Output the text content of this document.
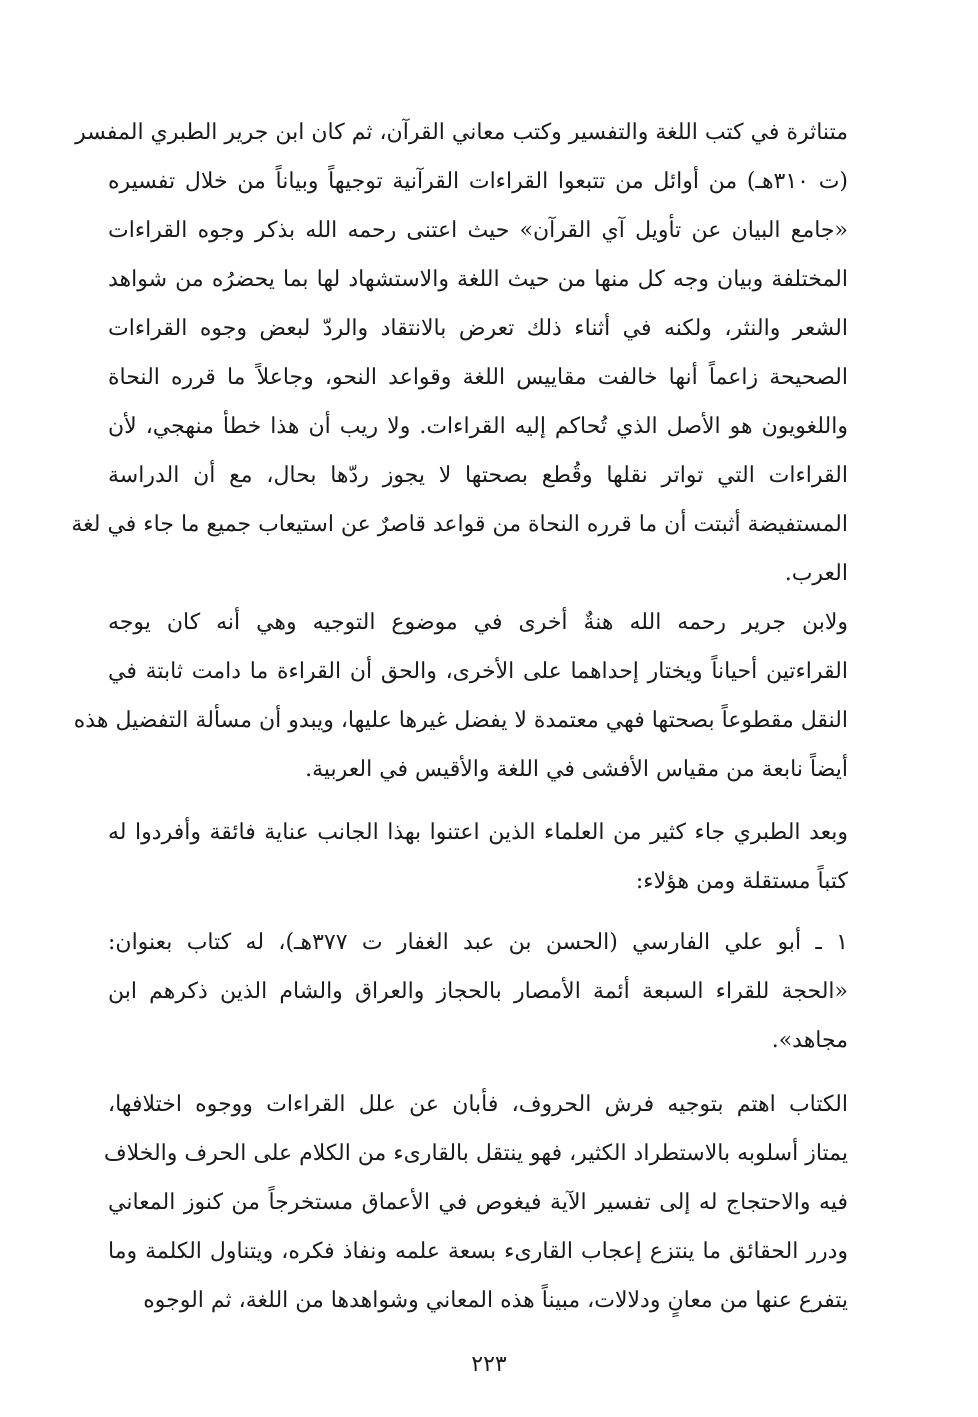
متناثرة في كتب اللغة والتفسير وكتب معاني القرآن، ثم كان ابن جرير الطبري المفسر
(ت ٣١٠هـ) من أوائل من تتبعوا القراءات القرآنية توجيهاً وبياناً من خلال تفسيره
«جامع البيان عن تأويل آي القرآن» حيث اعتنى رحمه الله بذكر وجوه القراءات
المختلفة وبيان وجه كل منها من حيث اللغة والاستشهاد لها بما يحضرُه من شواهد
الشعر والنثر، ولكنه في أثناء ذلك تعرض بالانتقاد والردّ لبعض وجوه القراءات
الصحيحة زاعماً أنها خالفت مقاييس اللغة وقواعد النحو، وجاعلاً ما قرره النحاة
واللغويون هو الأصل الذي تُحاكم إليه القراءات. ولا ريب أن هذا خطأ منهجي، لأن
القراءات التي تواتر نقلها وقُطع بصحتها لا يجوز ردّها بحال، مع أن الدراسة
المستفيضة أثبتت أن ما قرره النحاة من قواعد قاصرٌ عن استيعاب جميع ما جاء في لغة
العرب.
ولابن جرير رحمه الله هنةٌ أخرى في موضوع التوجيه وهي أنه كان يوجه
القراءتين أحياناً ويختار إحداهما على الأخرى، والحق أن القراءة ما دامت ثابتة في
النقل مقطوعاً بصحتها فهي معتمدة لا يفضل غيرها عليها، ويبدو أن مسألة التفضيل هذه
أيضاً نابعة من مقياس الأفشى في اللغة والأقيس في العربية.
وبعد الطبري جاء كثير من العلماء الذين اعتنوا بهذا الجانب عناية فائقة وأفردوا له
كتباً مستقلة ومن هؤلاء:
١ ـ أبو علي الفارسي (الحسن بن عبد الغفار ت ٣٧٧هـ)، له كتاب بعنوان:
«الحجة للقراء السبعة أئمة الأمصار بالحجاز والعراق والشام الذين ذكرهم ابن
مجاهد».
الكتاب اهتم بتوجيه فرش الحروف، فأبان عن علل القراءات ووجوه اختلافها،
يمتاز أسلوبه بالاستطراد الكثير، فهو ينتقل بالقارىء من الكلام على الحرف والخلاف
فيه والاحتجاج له إلى تفسير الآية فيغوص في الأعماق مستخرجاً من كنوز المعاني
ودرر الحقائق ما ينتزع إعجاب القارىء بسعة علمه ونفاذ فكره، ويتناول الكلمة وما
يتفرع عنها من معانٍ ودلالات، مبيناً هذه المعاني وشواهدها من اللغة، ثم الوجوه
٢٢٣
